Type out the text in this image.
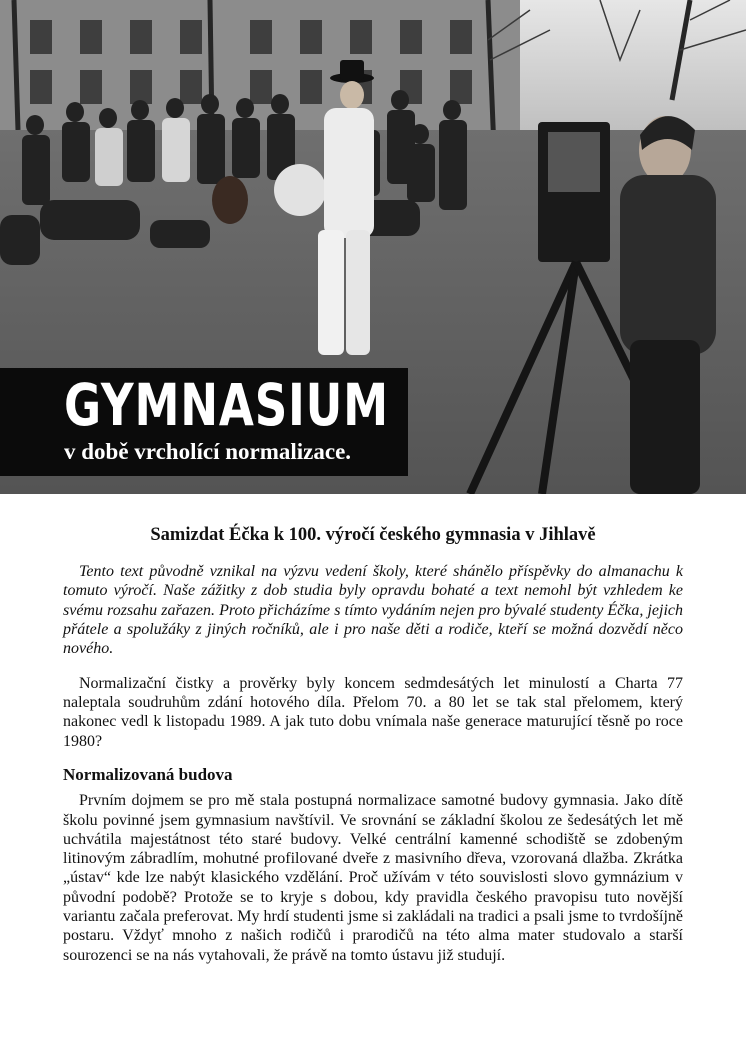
GYMNASIUM
v době vrcholící normalizace.
Samizdat Éčka k 100. výročí českého gymnasia v Jihlavě

Tento text původně vznikal na výzvu vedení školy, které shánělo příspěvky do almanachu k tomuto výročí. Naše zážitky z dob studia byly opravdu bohaté a text nemohl být vzhledem ke svému rozsahu zařazen. Proto přicházíme s tímto vydáním nejen pro bývalé studenty Éčka, jejich přátele a spolužáky z jiných ročníků, ale i pro naše děti a rodiče, kteří se možná dozvědí něco nového.

Normalizační čistky a prověrky byly koncem sedmdesátých let minulostí a Charta 77 naleptala soudruhům zdání hotového díla. Přelom 70. a 80 let se tak stal přelomem, který nakonec vedl k listopadu 1989. A jak tuto dobu vnímala naše generace maturující těsně po roce 1980?

Normalizovaná budova

Prvním dojmem se pro mě stala postupná normalizace samotné budovy gymnasia. Jako dítě školu povinné jsem gymnasium navštívil. Ve srovnání se základní školou ze šedesátých let mě uchvátila majestátnost této staré budovy. Velké centrální kamenné schodiště se zdobeným litinovým zábradlím, mohutné profilované dveře z masivního dřeva, vzorovaná dlažba. Zkrátka „ústav“ kde lze nabýt klasického vzdělání. Proč užívám v této souvislosti slovo gymnázium v původní podobě? Protože se to kryje s dobou, kdy pravidla českého pravopisu tuto novější variantu začala preferovat. My hrdí studenti jsme si zakládali na tradici a psali jsme to tvrdošíjně postaru. Vždyť mnoho z našich rodičů i prarodičů na této alma mater studovalo a starší sourozenci se na nás vytahovali, že právě na tomto ústavu již studují.
